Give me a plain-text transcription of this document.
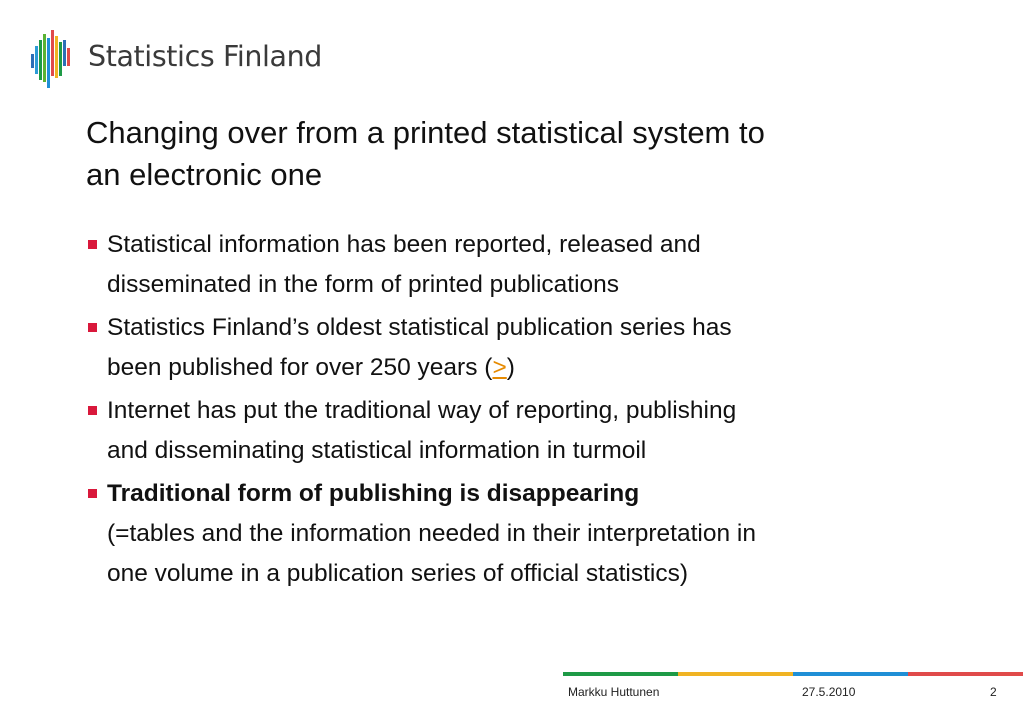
Statistics Finland
Changing over from a printed statistical system to
an electronic one
Statistical information has been reported, released and
disseminated in the form of printed publications
Statistics Finland’s oldest statistical publication series has
been published for over 250 years (>)
Internet has put the traditional way of reporting, publishing
and disseminating statistical information in turmoil
Traditional form of publishing is disappearing
(=tables and the information needed in their interpretation in
one volume in a publication series of official statistics)
Markku Huttunen	27.5.2010	2
